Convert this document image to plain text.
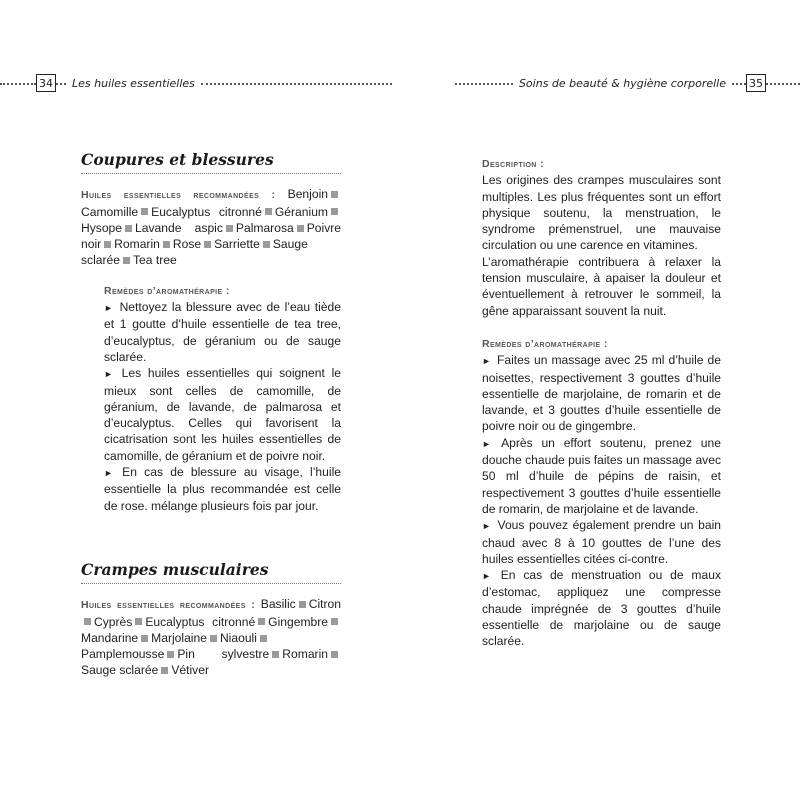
34	Les huiles essentielles	Soins de beauté & hygiène corporelle	35
Coupures et blessures

Huiles essentielles recommandées : BenjoinCamomille Eucalyptus citronné GéraniumHysope Lavande aspic Palmarosa Poivre noir Romarin Rose Sarriette Sauge sclarée Tea tree

Remèdes d’aromathérapie :

► Nettoyez la blessure avec de l’eau tiède et 1 goutte d’huile essentielle de tea tree, d’eucalyptus, de géranium ou de sauge sclarée.

► Les huiles essentielles qui soignent le mieux sont celles de camomille, de géranium, de lavande, de palmarosa et d’eucalyptus. Celles qui favorisent la cicatrisation sont les huiles essentielles de camomille, de géranium et de poivre noir.

► En cas de blessure au visage, l’huile essentielle la plus recommandée est celle de rose. mélange plusieurs fois par jour.

Crampes musculaires

Huiles essentielles recommandées : Basilic CitronCyprès Eucalyptus citronné GingembreMandarine Marjolaine NiaouliPamplemousse Pin sylvestre RomarinSauge sclarée Vétiver

Description :

Les origines des crampes musculaires sont multiples. Les plus fréquentes sont un effort physique soutenu, la menstruation, le syndrome prémenstruel, une mauvaise circulation ou une carence en vitamines.

L’aromathérapie contribuera à relaxer la tension musculaire, à apaiser la douleur et éventuellement à retrouver le sommeil, la gêne apparaissant souvent la nuit.

Remèdes d’aromathérapie :

► Faites un massage avec 25 ml d’huile de noisettes, respectivement 3 gouttes d’huile essentielle de marjolaine, de romarin et de lavande, et 3 gouttes d’huile essentielle de poivre noir ou de gingembre.

► Après un effort soutenu, prenez une douche chaude puis faites un massage avec 50 ml d’huile de pépins de raisin, et respectivement 3 gouttes d’huile essentielle de romarin, de marjolaine et de lavande.

► Vous pouvez également prendre un bain chaud avec 8 à 10 gouttes de l’une des huiles essentielles citées ci-contre.

► En cas de menstruation ou de maux d’estomac, appliquez une compresse chaude imprégnée de 3 gouttes d’huile essentielle de marjolaine ou de sauge sclarée.
